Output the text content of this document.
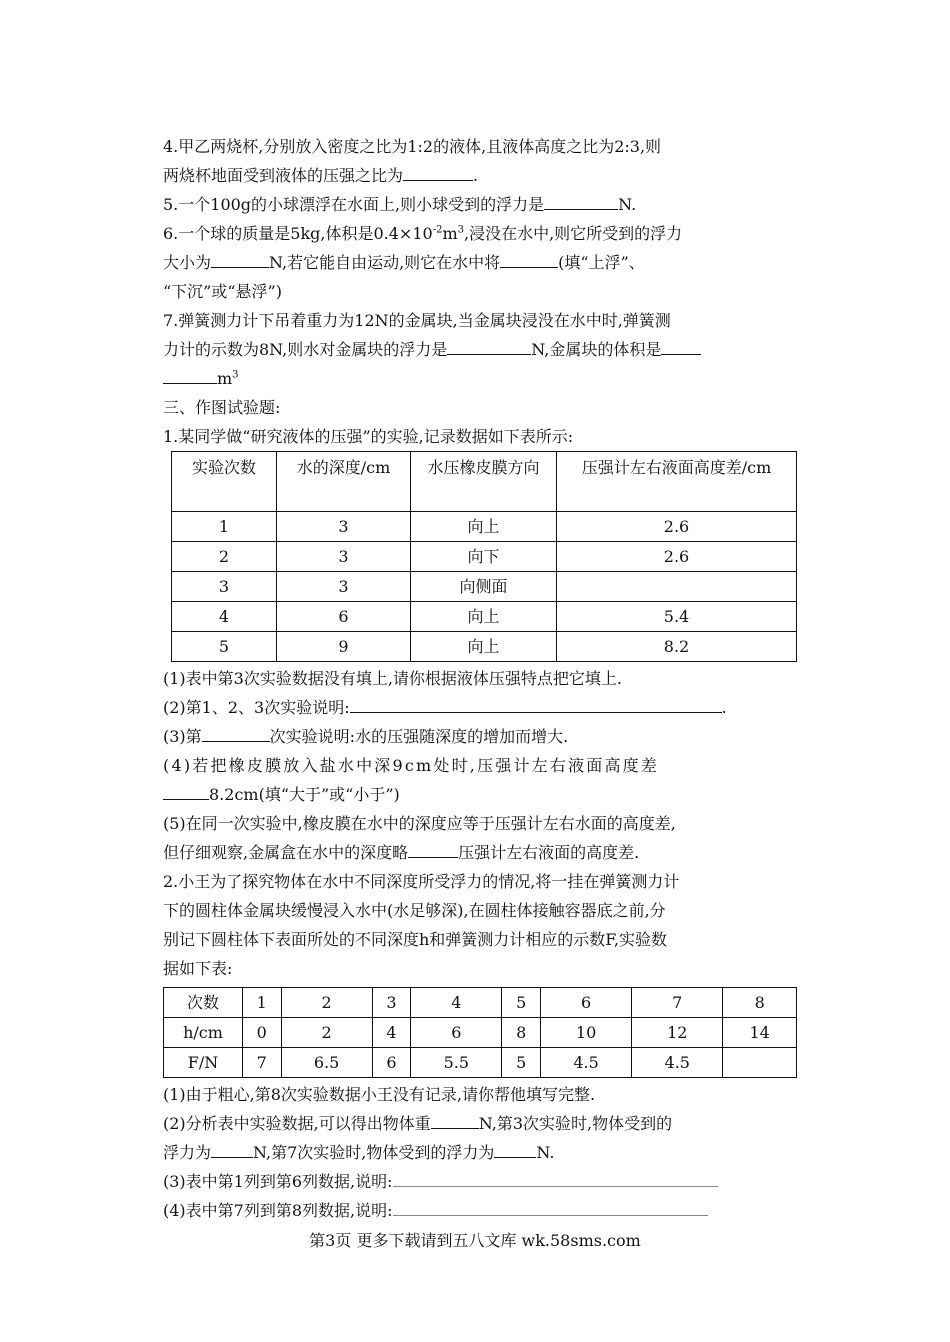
4.甲乙两烧杯,分别放入密度之比为1:2的液体,且液体高度之比为2:3,则
两烧杯地面受到液体的压强之比为	.

5.一个100g的小球漂浮在水面上,则小球受到的浮力是	N.

6.一个球的质量是5kg,体积是$0.4\times 10^{-2}m^3$,浸没在水中,则它所受到的浮力
大小为	N,若它能自由运动,则它在水中将	(填“上浮”、
“下沉”或“悬浮”)

7.弹簧测力计下吊着重力为12N的金属块,当金属块浸没在水中时,弹簧测
力计的示数为8N,则水对金属块的浮力是	N,金属块的体积是
$m^3$

三、作图试验题:

1.某同学做“研究液体的压强”的实验,记录数据如下表所示:

实验次数	水的深度/cm	水压橡皮膜方向	压强计左右液面高度差/cm
1	3	向上	2.6
2	3	向下	2.6
3	3	向侧面	
4	6	向上	5.4
5	9	向上	8.2

(1)表中第3次实验数据没有填上,请你根据液体压强特点把它填上.

(2)第1、2、3次实验说明:	.

(3)第	次实验说明:水的压强随深度的增加而增大.

(4)若把橡皮膜放入盐水中深9cm处时,压强计左右液面高度差
8.2cm(填“大于”或“小于”)

(5)在同一次实验中,橡皮膜在水中的深度应等于压强计左右水面的高度差,
但仔细观察,金属盒在水中的深度略	压强计左右液面的高度差.

2.小王为了探究物体在水中不同深度所受浮力的情况,将一挂在弹簧测力计
下的圆柱体金属块缓慢浸入水中(水足够深),在圆柱体接触容器底之前,分
别记下圆柱体下表面所处的不同深度h和弹簧测力计相应的示数F,实验数
据如下表:

次数	1	2	3	4	5	6	7	8
h/cm	0	2	4	6	8	10	12	14
F/N	7	6.5	6	5.5	5	4.5	4.5	

(1)由于粗心,第8次实验数据小王没有记录,请你帮他填写完整.

(2)分析表中实验数据,可以得出物体重	N,第3次实验时,物体受到的
浮力为	N,第7次实验时,物体受到的浮力为	N.

(3)表中第1列到第6列数据,说明:

(4)表中第7列到第8列数据,说明:

第3页 更多下载请到五八文库 wk.58sms.com
